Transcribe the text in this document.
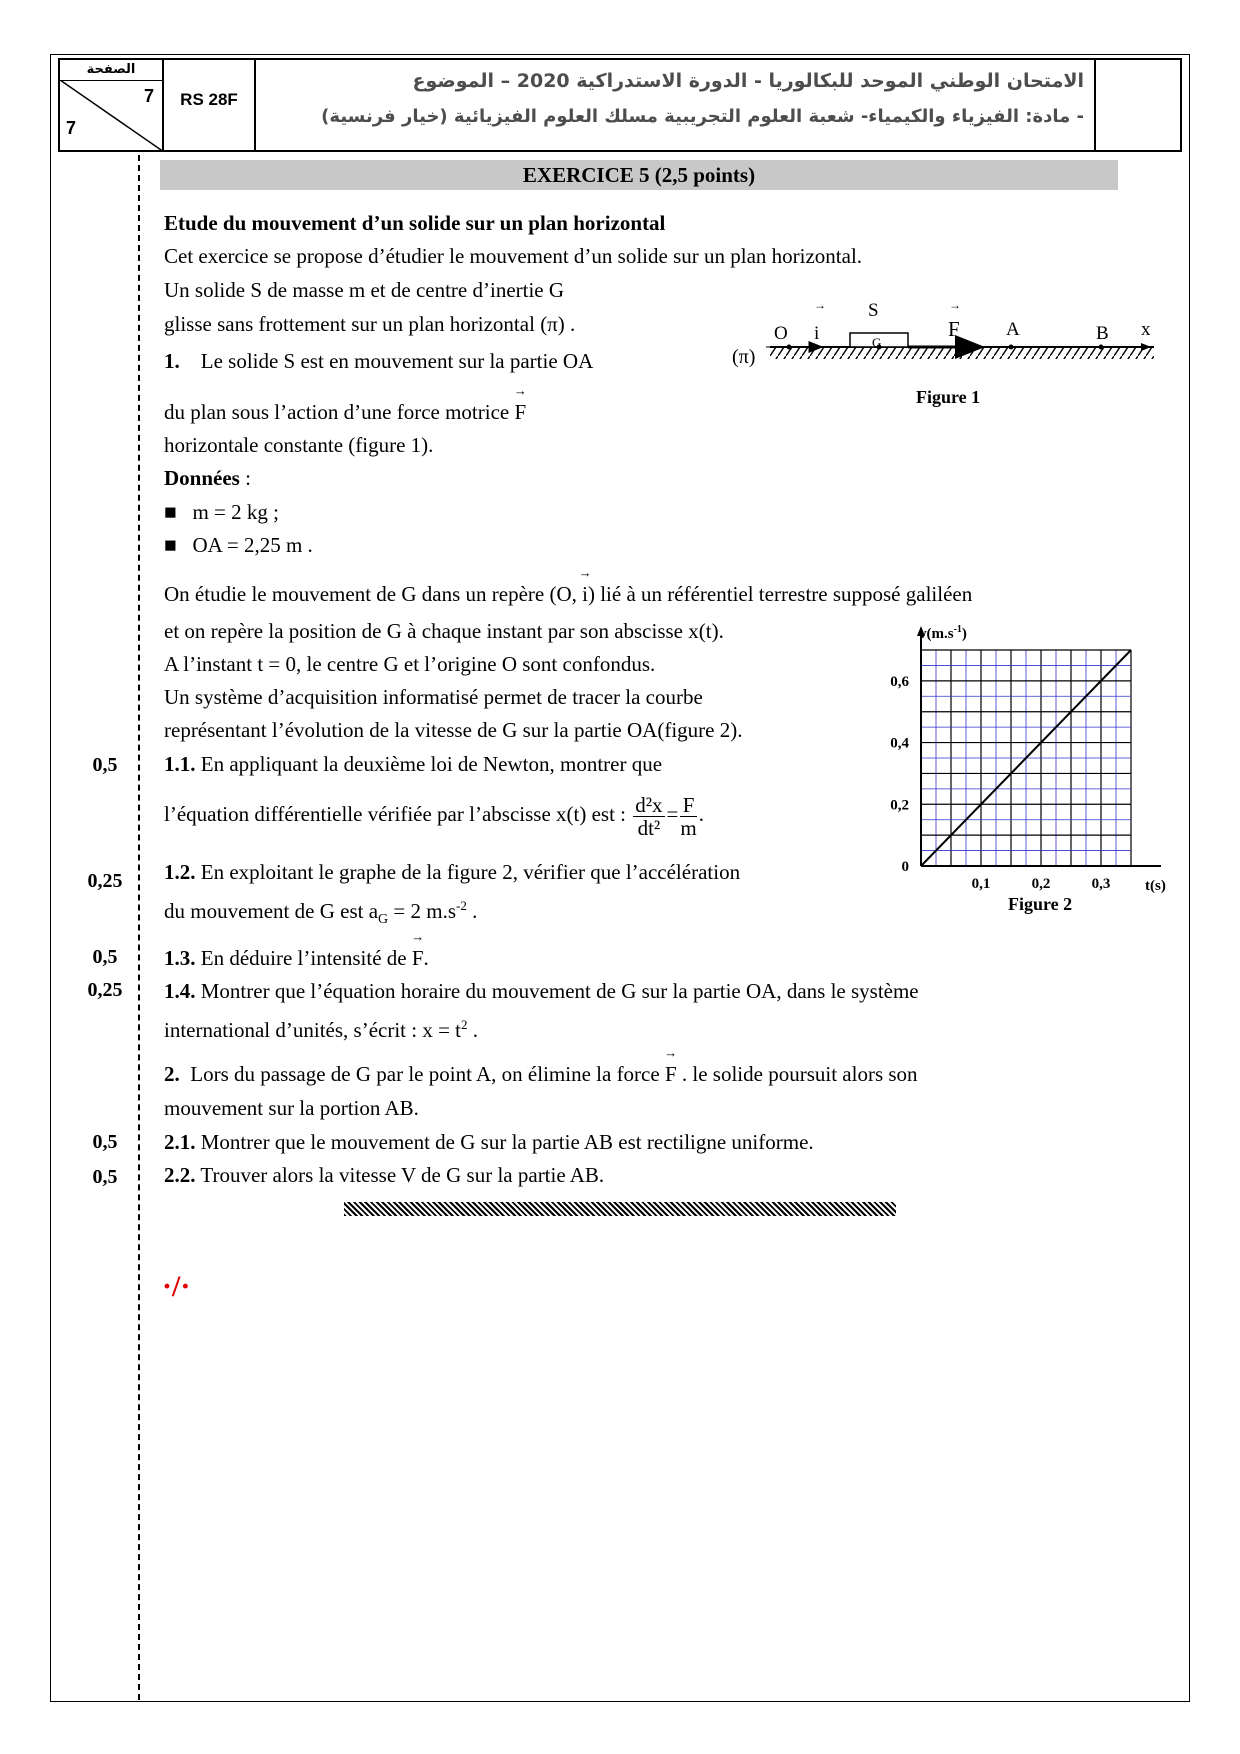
الصفحة
7
7
RS 28F
الامتحان الوطني الموحد للبكالوريا - الدورة الاستدراكية 2020 – الموضوع
- مادة: الفيزياء والكيمياء- شعبة العلوم التجريبية مسلك العلوم الفيزيائية (خيار فرنسية)
EXERCICE 5 (2,5 points)
Etude du mouvement d’un solide sur un plan horizontal
Cet exercice se propose d’étudier le mouvement d’un solide sur un plan horizontal.
Un solide S de masse m et de centre d’inertie G
glisse sans frottement sur un plan horizontal (π) .
1. Le solide S est en mouvement sur la partie OA
du plan sous l’action d’une force motrice → F
horizontale constante (figure 1).
Données :
■   m = 2 kg ;
■   OA = 2,25 m .
On étudie le mouvement de G dans un repère (O, → i) lié à un référentiel terrestre supposé galiléen
et on repère la position de G à chaque instant par son abscisse x(t).
A l’instant t = 0, le centre G et l’origine O sont confondus.
Un système d’acquisition informatisé permet de tracer la courbe
représentant l’évolution de la vitesse de G sur la partie OA(figure 2).
1.1. En appliquant la deuxième loi de Newton, montrer que
l’équation différentielle vérifiée par l’abscisse x(t) est : $\frac{\text{d²x}}{\text{dt²}} = \frac{F}{m}$ .
1.2. En exploitant le graphe de la figure 2, vérifier que l’accélération
du mouvement de G est $a_G = 2$ $m.s^{-2}$ .
1.3. En déduire l’intensité de → F.
1.4. Montrer que l’équation horaire du mouvement de G sur la partie OA, dans le système
international d’unités, s’écrit : $x = t^2$ .
2. Lors du passage de G par le point A, on élimine la force → F . le solide poursuit alors son
mouvement sur la portion AB.
2.1. Montrer que le mouvement de G sur la partie AB est rectiligne uniforme.
2.2. Trouver alors la vitesse V de G sur la partie AB.
0,5
0,25
0,5
0,25
0,5
0,5
·/·
O
→
i
S
G
→
F A	B x
(π)
Figure 1
0,1	0,2	0,3
0
0,2
0,4
0,6
$v(m.s^{-1})$
t(s)
Figure 2
